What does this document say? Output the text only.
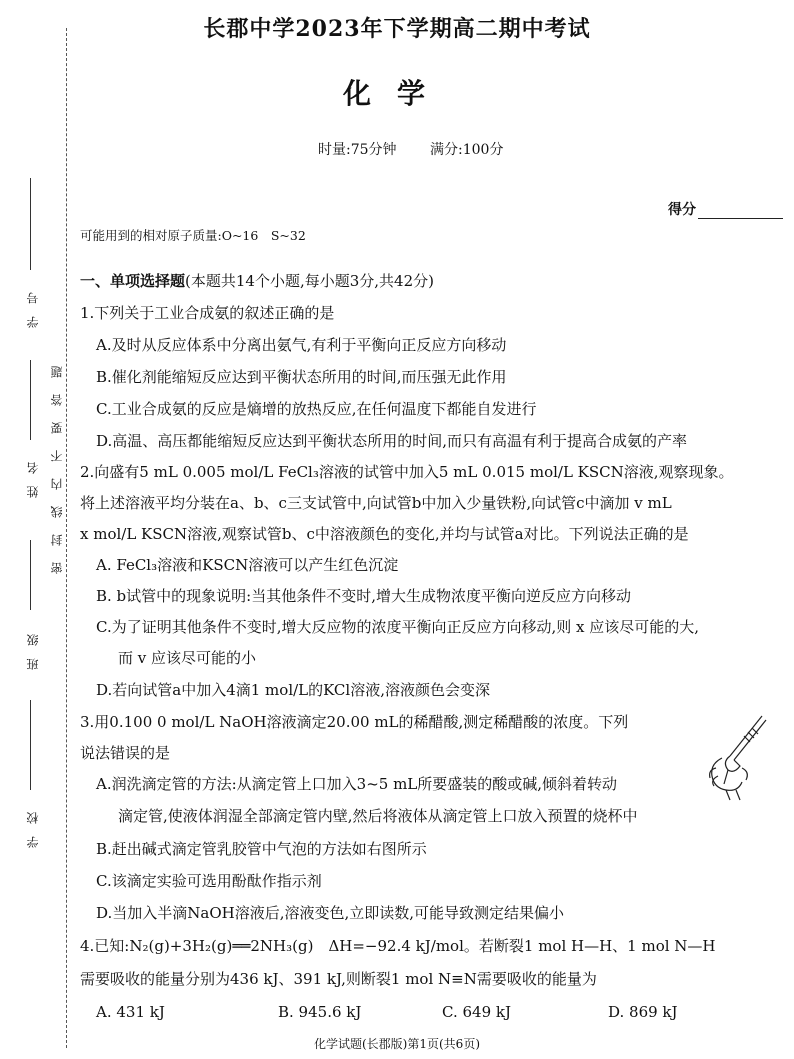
学号
姓名
班级
学校
密封线内不要答题
长郡中学2023年下学期高二期中考试
化学
时量:75分钟 满分:100分
得分
可能用到的相对原子质量:O~16　S~32
一、单项选择题(本题共14个小题,每小题3分,共42分)
1.下列关于工业合成氨的叙述正确的是
A.及时从反应体系中分离出氨气,有利于平衡向正反应方向移动
B.催化剂能缩短反应达到平衡状态所用的时间,而压强无此作用
C.工业合成氨的反应是熵增的放热反应,在任何温度下都能自发进行
D.高温、高压都能缩短反应达到平衡状态所用的时间,而只有高温有利于提高合成氨的产率
2.向盛有5 mL 0.005 mol/L FeCl₃溶液的试管中加入5 mL 0.015 mol/L KSCN溶液,观察现象。
将上述溶液平均分装在a、b、c三支试管中,向试管b中加入少量铁粉,向试管c中滴加 v mL
x mol/L KSCN溶液,观察试管b、c中溶液颜色的变化,并均与试管a对比。下列说法正确的是
A. FeCl₃溶液和KSCN溶液可以产生红色沉淀
B. b试管中的现象说明:当其他条件不变时,增大生成物浓度平衡向逆反应方向移动
C.为了证明其他条件不变时,增大反应物的浓度平衡向正反应方向移动,则 x 应该尽可能的大,
而 v 应该尽可能的小
D.若向试管a中加入4滴1 mol/L的KCl溶液,溶液颜色会变深
3.用0.100 0 mol/L NaOH溶液滴定20.00 mL的稀醋酸,测定稀醋酸的浓度。下列
说法错误的是
A.润洗滴定管的方法:从滴定管上口加入3~5 mL所要盛装的酸或碱,倾斜着转动
滴定管,使液体润湿全部滴定管内壁,然后将液体从滴定管上口放入预置的烧杯中
B.赶出碱式滴定管乳胶管中气泡的方法如右图所示
C.该滴定实验可选用酚酞作指示剂
D.当加入半滴NaOH溶液后,溶液变色,立即读数,可能导致测定结果偏小
4.已知:N₂(g)+3H₂(g)══2NH₃(g)　ΔH=−92.4 kJ/mol。若断裂1 mol H—H、1 mol N—H
需要吸收的能量分别为436 kJ、391 kJ,则断裂1 mol N≡N需要吸收的能量为
A. 431 kJ	B. 945.6 kJ	C. 649 kJ	D. 869 kJ
化学试题(长郡版)第1页(共6页)
